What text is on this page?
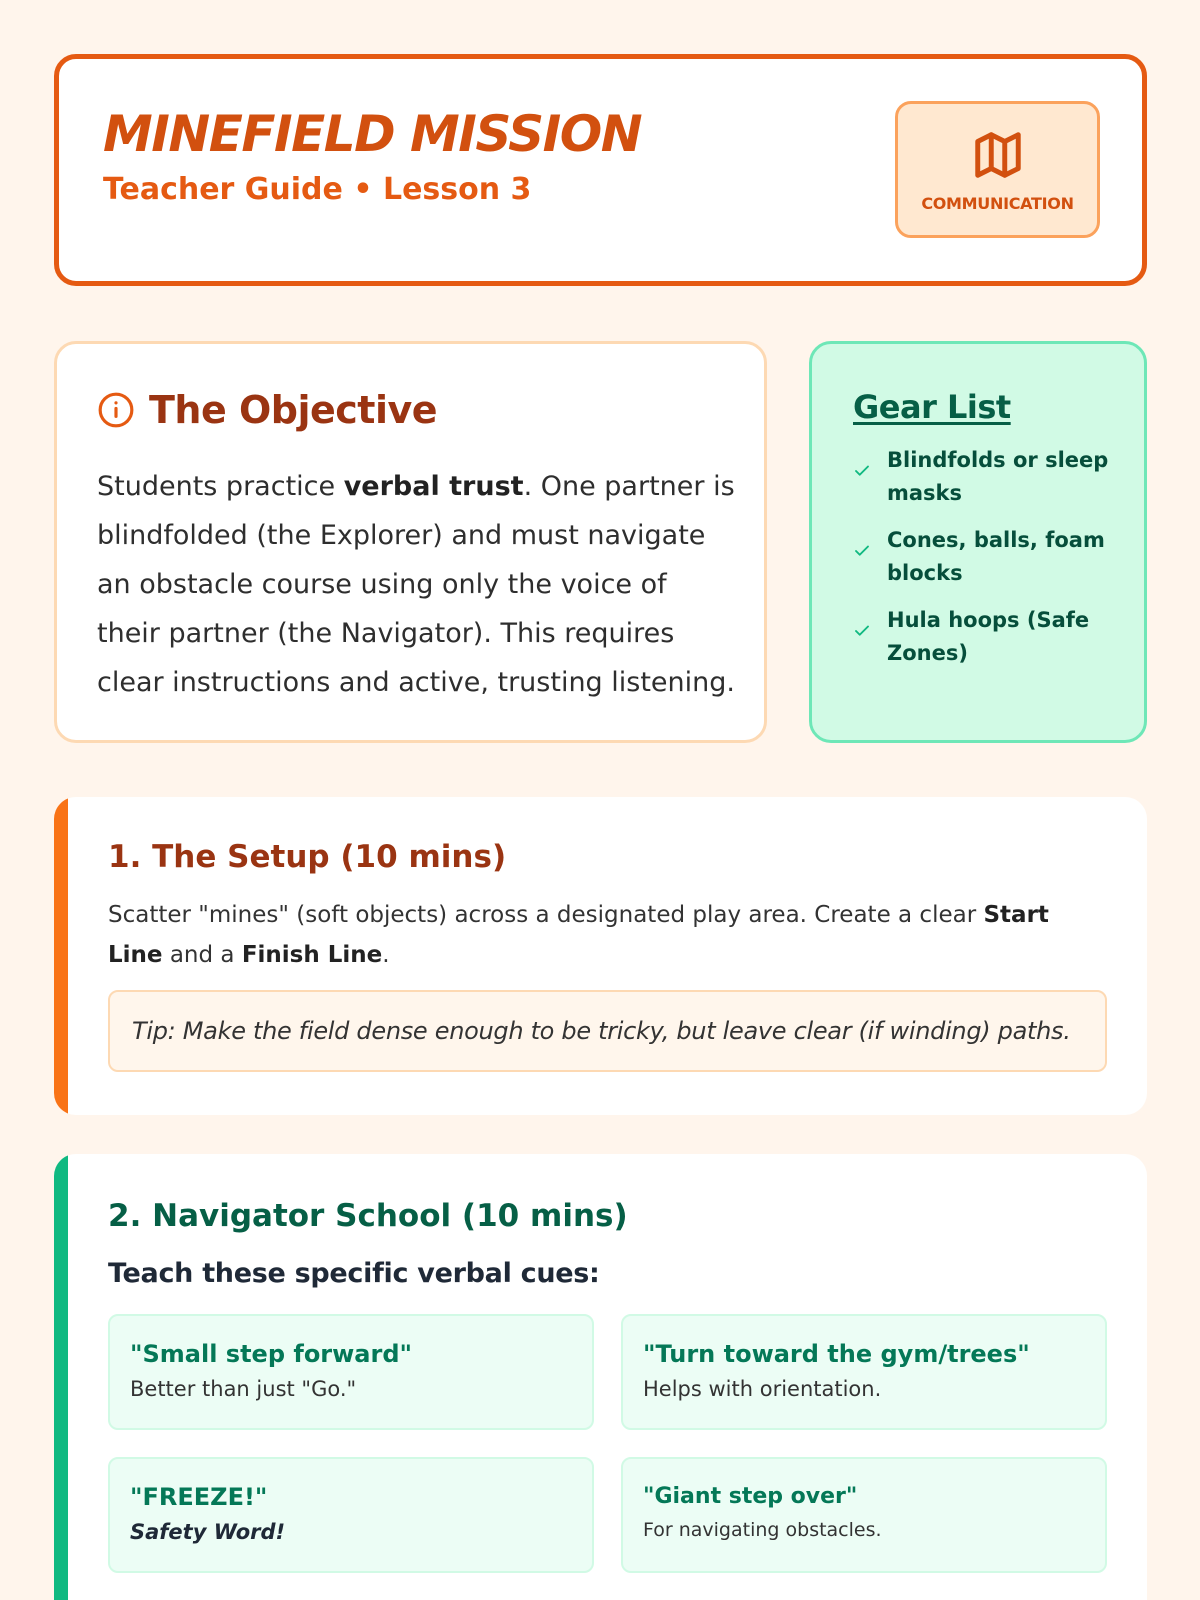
MINEFIELD MISSION
Teacher Guide • Lesson 3	COMMUNICATION
The Objective

Students practice verbal trust. One partner is blindfolded (the Explorer) and must navigate an obstacle course using only the voice of their partner (the Navigator). This requires clear instructions and active, trusting listening.

Gear List
Blindfolds or sleep masks
Cones, balls, foam blocks
Hula hoops (Safe Zones)
1. The Setup (10 mins)

Scatter "mines" (soft objects) across a designated play area. Create a clear Start Line and a Finish Line.

Tip: Make the field dense enough to be tricky, but leave clear (if winding) paths.
2. Navigator School (10 mins)
Teach these specific verbal cues:
"Small step forward"
Better than just "Go."
"Turn toward the gym/trees"
Helps with orientation.
"FREEZE!"
Safety Word!
"Giant step over"
For navigating obstacles.
